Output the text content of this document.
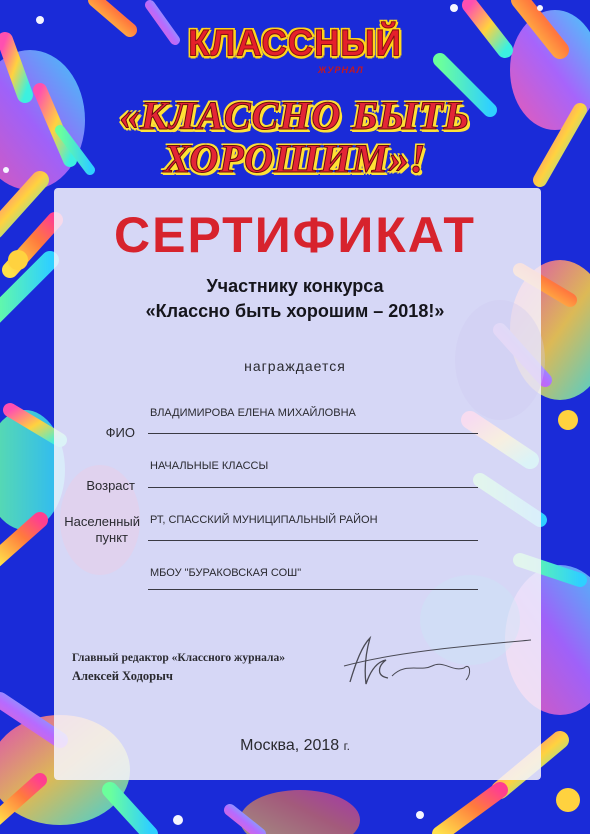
КЛАССНЫЙ
ЖУРНАЛ
«КЛАССНО БЫТЬ
ХОРОШИМ»!
СЕРТИФИКАТ
Участнику конкурса
«Классно быть хорошим – 2018!»
награждается
ВЛАДИМИРОВА ЕЛЕНА МИХАЙЛОВНА
ФИО
НАЧАЛЬНЫЕ КЛАССЫ
Возраст
Населенный
пункт
РТ, СПАССКИЙ МУНИЦИПАЛЬНЫЙ РАЙОН
МБОУ "БУРАКОВСКАЯ СОШ"
Главный редактор «Классного журнала»
Алексей Ходорыч
Москва, 2018 г.
